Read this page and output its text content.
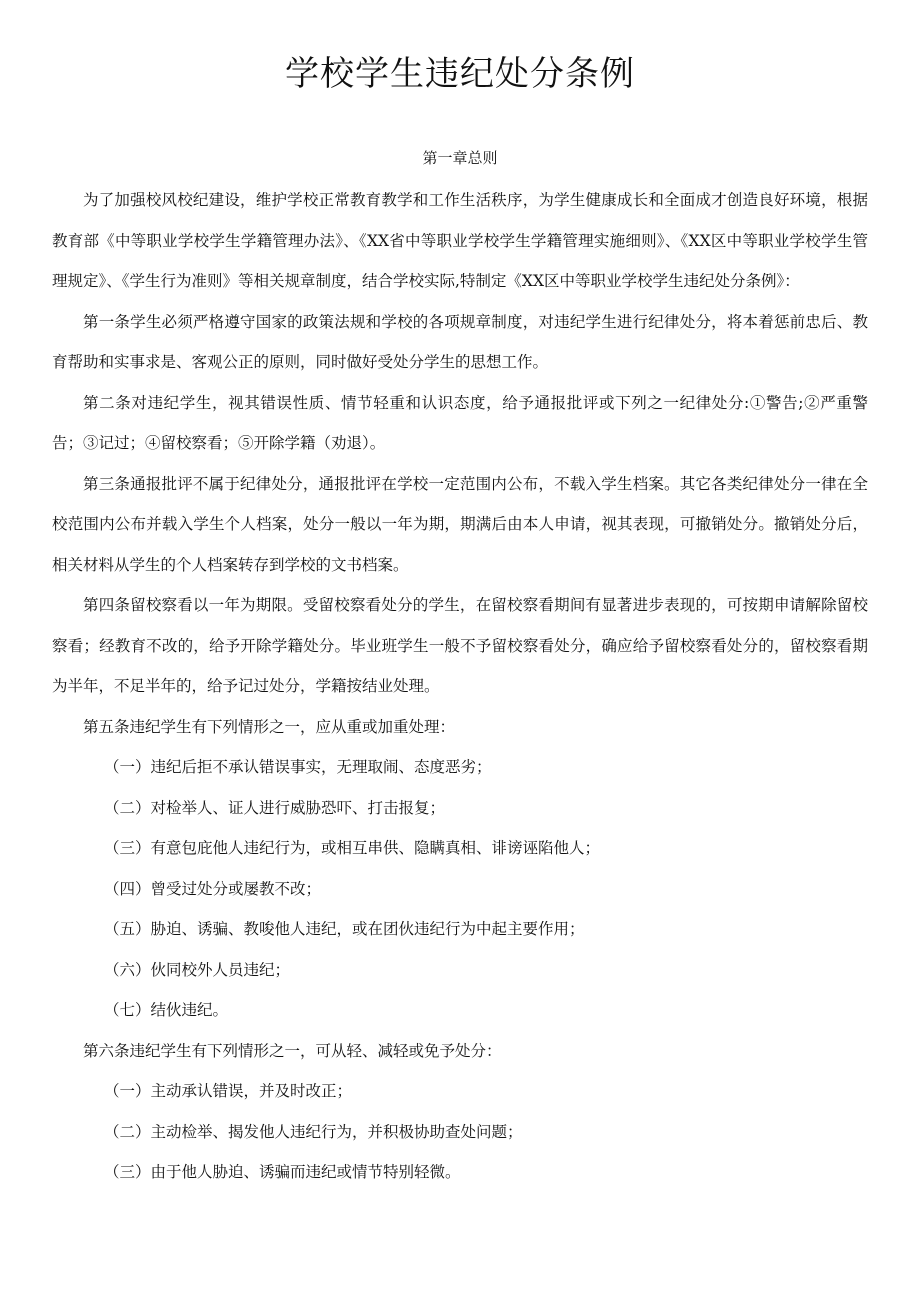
学校学生违纪处分条例

第一章总则

为了加强校风校纪建设，维护学校正常教育教学和工作生活秩序，为学生健康成长和全面成才创造良好环境，根据教育部《中等职业学校学生学籍管理办法》、《XX省中等职业学校学生学籍管理实施细则》、《XX区中等职业学校学生管理规定》、《学生行为准则》等相关规章制度，结合学校实际,特制定《XX区中等职业学校学生违纪处分条例》：

第一条学生必须严格遵守国家的政策法规和学校的各项规章制度，对违纪学生进行纪律处分，将本着惩前忠后、教育帮助和实事求是、客观公正的原则，同时做好受处分学生的思想工作。

第二条对违纪学生，视其错误性质、情节轻重和认识态度，给予通报批评或下列之一纪律处分:①警告;②严重警告；③记过；④留校察看；⑤开除学籍（劝退）。

第三条通报批评不属于纪律处分，通报批评在学校一定范围内公布，不载入学生档案。其它各类纪律处分一律在全校范围内公布并载入学生个人档案，处分一般以一年为期，期满后由本人申请，视其表现，可撤销处分。撤销处分后，相关材料从学生的个人档案转存到学校的文书档案。

第四条留校察看以一年为期限。受留校察看处分的学生，在留校察看期间有显著进步表现的，可按期申请解除留校察看；经教育不改的，给予开除学籍处分。毕业班学生一般不予留校察看处分，确应给予留校察看处分的，留校察看期为半年，不足半年的，给予记过处分，学籍按结业处理。

第五条违纪学生有下列情形之一，应从重或加重处理：

（一）违纪后拒不承认错误事实，无理取闹、态度恶劣；

（二）对检举人、证人进行威胁恐吓、打击报复；

（三）有意包庇他人违纪行为，或相互串供、隐瞒真相、诽谤诬陷他人；

（四）曾受过处分或屡教不改；

（五）胁迫、诱骗、教唆他人违纪，或在团伙违纪行为中起主要作用；

（六）伙同校外人员违纪；

（七）结伙违纪。

第六条违纪学生有下列情形之一，可从轻、减轻或免予处分：

（一）主动承认错误，并及时改正；

（二）主动检举、揭发他人违纪行为，并积极协助查处问题；

（三）由于他人胁迫、诱骗而违纪或情节特别轻微。
